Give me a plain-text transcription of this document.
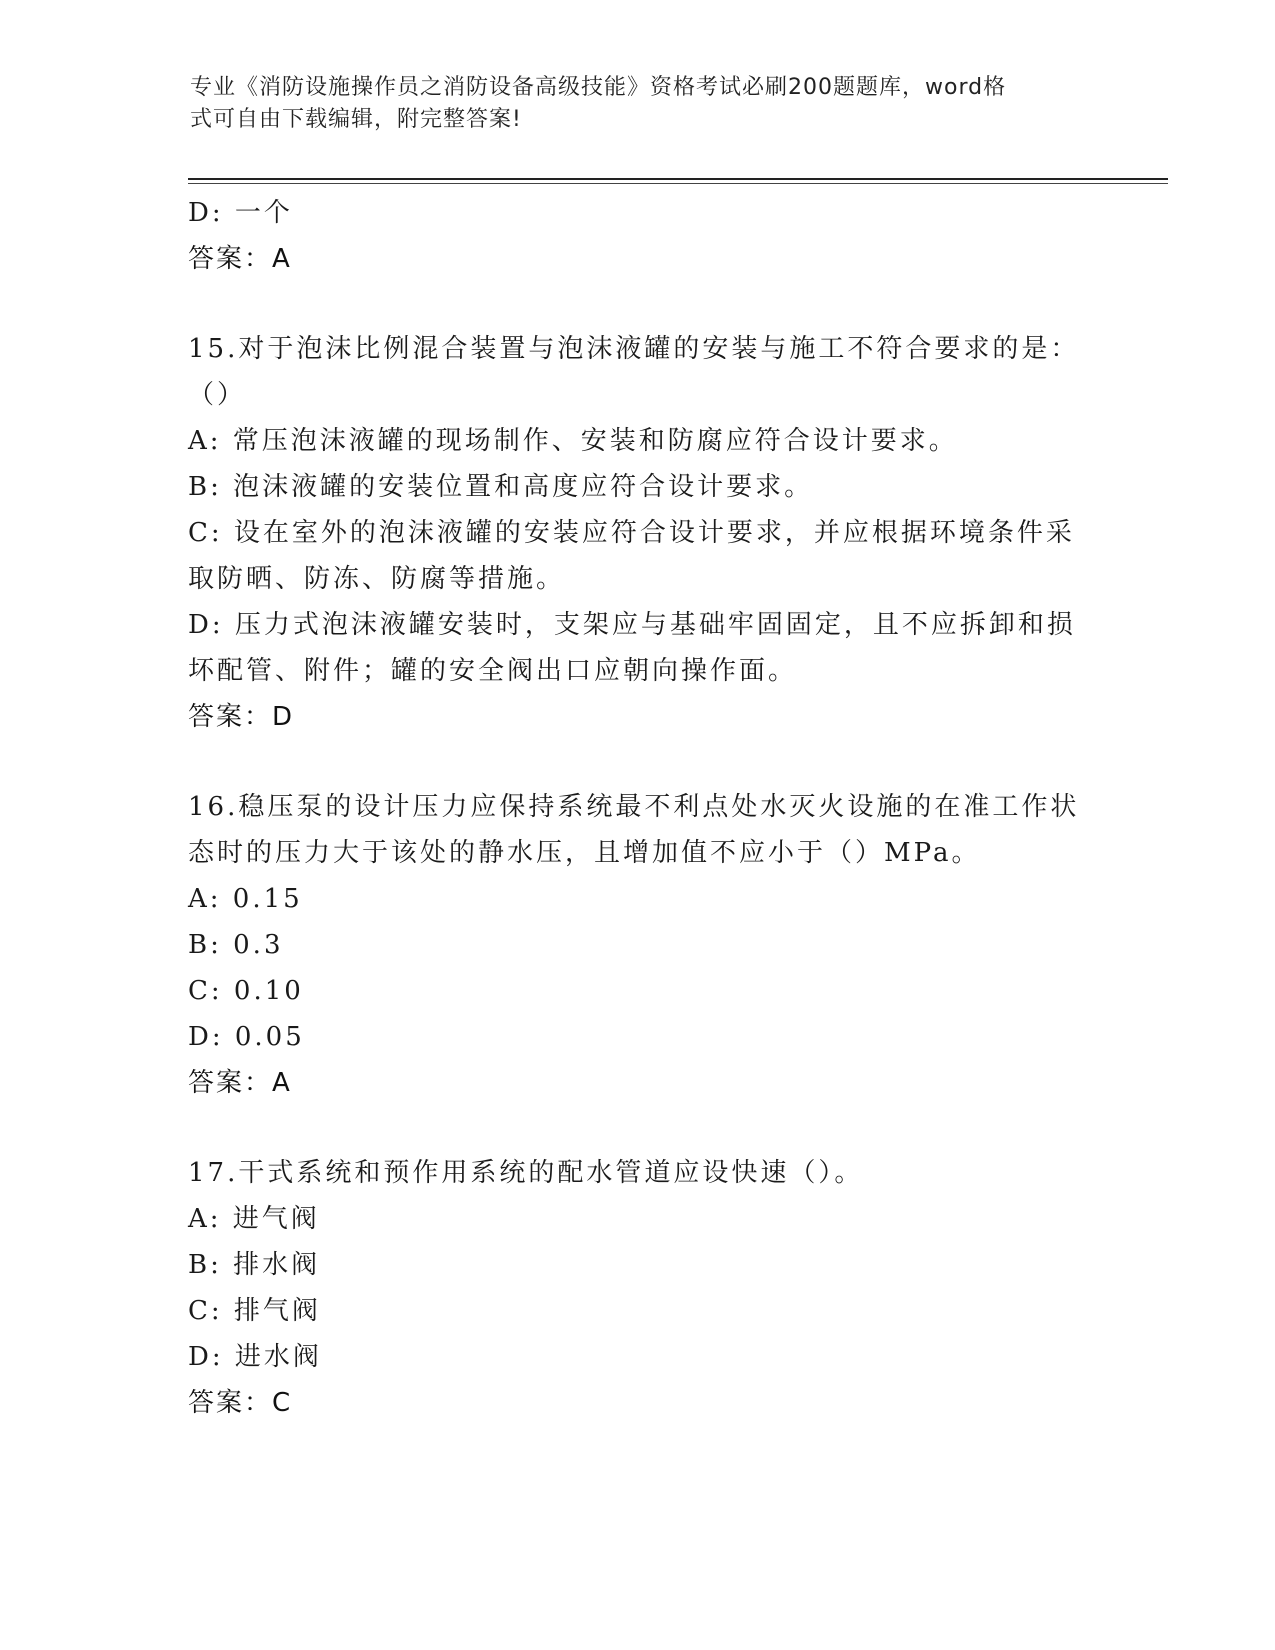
专业《消防设施操作员之消防设备高级技能》资格考试必刷200题题库，word格
式可自由下载编辑，附完整答案!
D: 一个
答案：A
15.对于泡沫比例混合装置与泡沫液罐的安装与施工不符合要求的是：
（）
A: 常压泡沫液罐的现场制作、安装和防腐应符合设计要求。
B: 泡沫液罐的安装位置和高度应符合设计要求。
C: 设在室外的泡沫液罐的安装应符合设计要求，并应根据环境条件采
取防晒、防冻、防腐等措施。
D: 压力式泡沫液罐安装时，支架应与基础牢固固定，且不应拆卸和损
坏配管、附件；罐的安全阀出口应朝向操作面。
答案：D
16.稳压泵的设计压力应保持系统最不利点处水灭火设施的在准工作状
态时的压力大于该处的静水压，且增加值不应小于（）MPa。
A: 0.15
B: 0.3
C: 0.10
D: 0.05
答案：A
17.干式系统和预作用系统的配水管道应设快速（）。
A: 进气阀
B: 排水阀
C: 排气阀
D: 进水阀
答案：C
